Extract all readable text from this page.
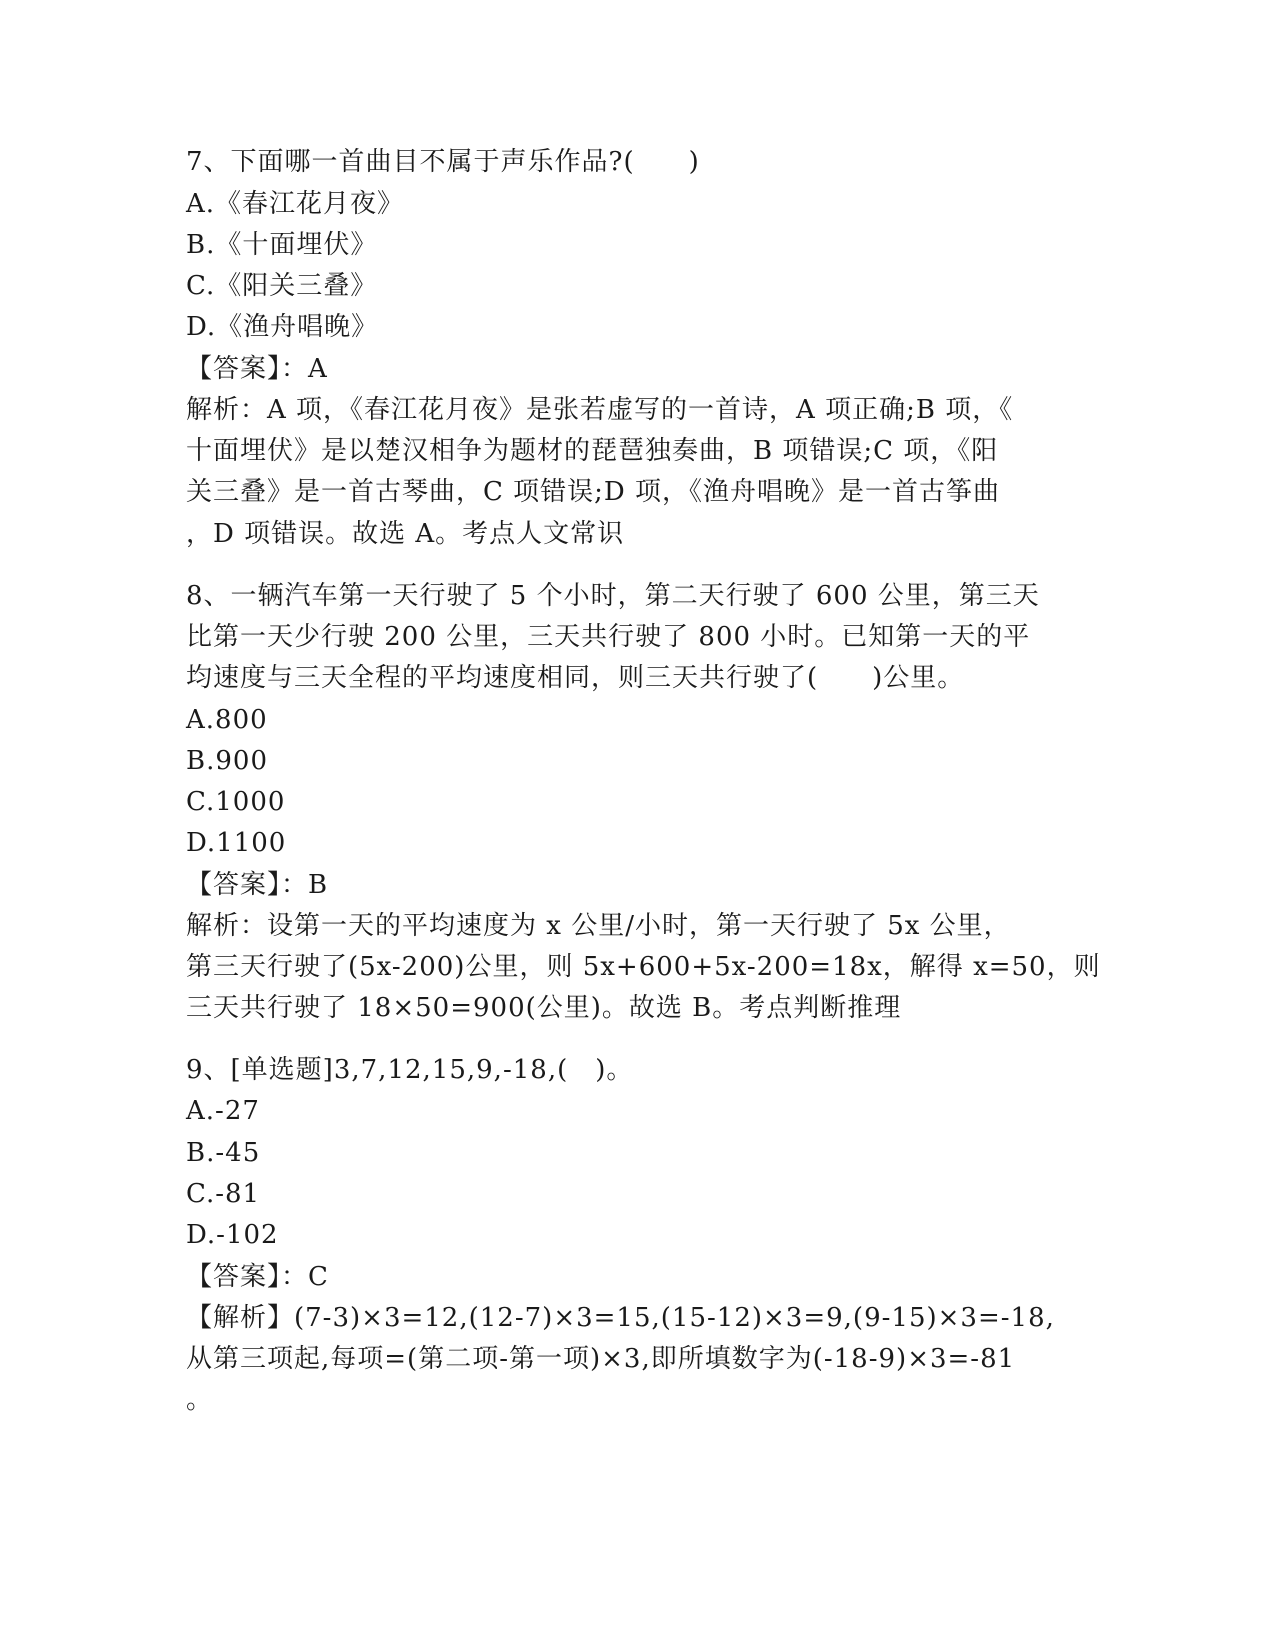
7、下面哪一首曲目不属于声乐作品?(　　)
A.《春江花月夜》
B.《十面埋伏》
C.《阳关三叠》
D.《渔舟唱晚》
【答案】：A
解析：A 项，《春江花月夜》是张若虚写的一首诗，A 项正确;B 项，《
十面埋伏》是以楚汉相争为题材的琵琶独奏曲，B 项错误;C 项，《阳
关三叠》是一首古琴曲，C 项错误;D 项，《渔舟唱晚》是一首古筝曲
，D 项错误。故选 A。考点人文常识
8、一辆汽车第一天行驶了 5 个小时，第二天行驶了 600 公里，第三天
比第一天少行驶 200 公里，三天共行驶了 800 小时。已知第一天的平
均速度与三天全程的平均速度相同，则三天共行驶了(　　)公里。
A.800
B.900
C.1000
D.1100
【答案】：B
解析：设第一天的平均速度为 x 公里/小时，第一天行驶了 5x 公里，
第三天行驶了(5x-200)公里，则 5x+600+5x-200=18x，解得 x=50，则
三天共行驶了 18×50=900(公里)。故选 B。考点判断推理
9、[单选题]3,7,12,15,9,-18,(　)。
A.-27
B.-45
C.-81
D.-102
【答案】：C
【解析】(7-3)×3=12,(12-7)×3=15,(15-12)×3=9,(9-15)×3=-18,
从第三项起,每项=(第二项-第一项)×3,即所填数字为(-18-9)×3=-81
。
